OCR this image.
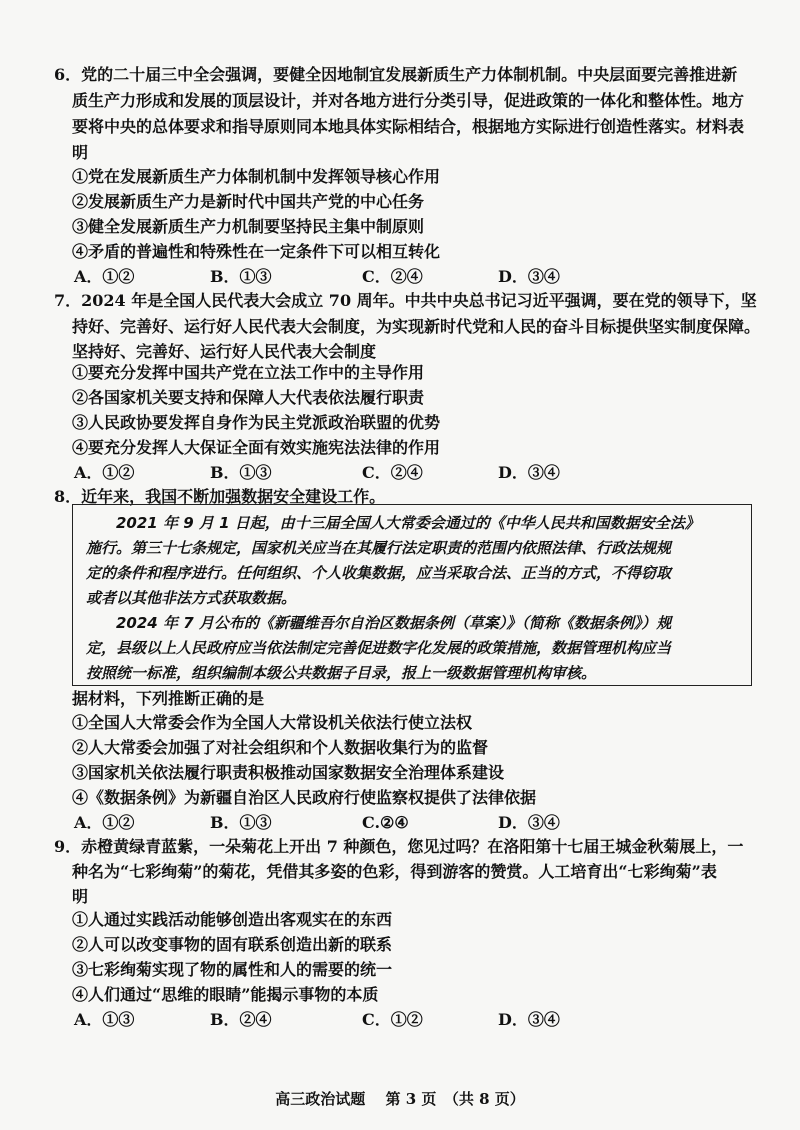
6．党的二十届三中全会强调，要健全因地制宜发展新质生产力体制机制。中央层面要完善推进新
质生产力形成和发展的顶层设计，并对各地方进行分类引导，促进政策的一体化和整体性。地方
要将中央的总体要求和指导原则同本地具体实际相结合，根据地方实际进行创造性落实。材料表
明
①党在发展新质生产力体制机制中发挥领导核心作用
②发展新质生产力是新时代中国共产党的中心任务
③健全发展新质生产力机制要坚持民主集中制原则
④矛盾的普遍性和特殊性在一定条件下可以相互转化
A．①②	B．①③	C．②④	D．③④
7．2024 年是全国人民代表大会成立 70 周年。中共中央总书记习近平强调，要在党的领导下，坚
持好、完善好、运行好人民代表大会制度，为实现新时代党和人民的奋斗目标提供坚实制度保障。
坚持好、完善好、运行好人民代表大会制度
①要充分发挥中国共产党在立法工作中的主导作用
②各国家机关要支持和保障人大代表依法履行职责
③人民政协要发挥自身作为民主党派政治联盟的优势
④要充分发挥人大保证全面有效实施宪法法律的作用
A．①②	B．①③	C．②④	D．③④
8．近年来，我国不断加强数据安全建设工作。
2021 年 9 月 1 日起，由十三届全国人大常委会通过的《中华人民共和国数据安全法》
施行。第三十七条规定，国家机关应当在其履行法定职责的范围内依照法律、行政法规规
定的条件和程序进行。任何组织、个人收集数据，应当采取合法、正当的方式，不得窃取
或者以其他非法方式获取数据。
2024 年 7 月公布的《新疆维吾尔自治区数据条例（草案）》（简称《数据条例》）规
定，县级以上人民政府应当依法制定完善促进数字化发展的政策措施，数据管理机构应当
按照统一标准，组织编制本级公共数据子目录，报上一级数据管理机构审核。
据材料，下列推断正确的是
①全国人大常委会作为全国人大常设机关依法行使立法权
②人大常委会加强了对社会组织和个人数据收集行为的监督
③国家机关依法履行职责积极推动国家数据安全治理体系建设
④《数据条例》为新疆自治区人民政府行使监察权提供了法律依据
A．①②	B．①③	C.②④	D．③④
9．赤橙黄绿青蓝紫，一朵菊花上开出 7 种颜色，您见过吗？在洛阳第十七届王城金秋菊展上，一
种名为“七彩绚菊”的菊花，凭借其多姿的色彩，得到游客的赞赏。人工培育出“七彩绚菊”表
明
①人通过实践活动能够创造出客观实在的东西
②人可以改变事物的固有联系创造出新的联系
③七彩绚菊实现了物的属性和人的需要的统一
④人们通过“思维的眼睛”能揭示事物的本质
A．①③	B．②④	C．①②	D．③④
高三政治试题　 第 3 页　（共 8 页）
